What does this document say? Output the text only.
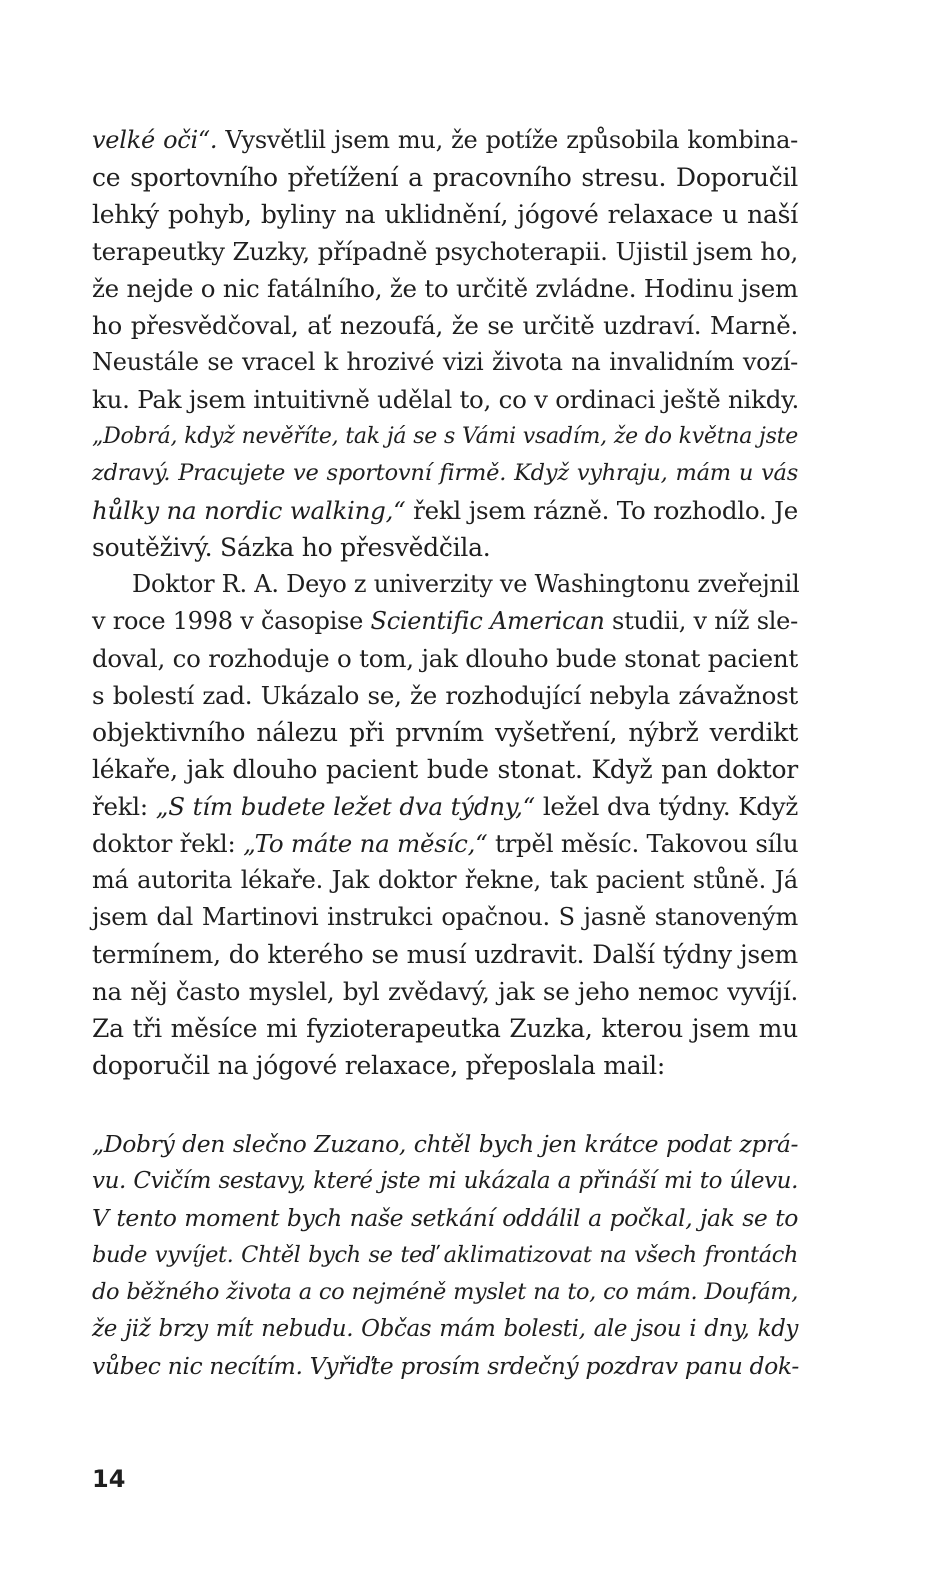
velké oči“. Vysvětlil jsem mu, že potíže způsobila kombina-
ce sportovního přetížení a pracovního stresu. Doporučil
lehký pohyb, byliny na uklidnění, jógové relaxace u naší
terapeutky Zuzky, případně psychoterapii. Ujistil jsem ho,
že nejde o nic fatálního, že to určitě zvládne. Hodinu jsem
ho přesvědčoval, ať nezoufá, že se určitě uzdraví. Marně.
Neustále se vracel k hrozivé vizi života na invalidním vozí-
ku. Pak jsem intuitivně udělal to, co v ordinaci ještě nikdy.
„Dobrá, když nevěříte, tak já se s Vámi vsadím, že do května jste
zdravý. Pracujete ve sportovní firmě. Když vyhraju, mám u vás
hůlky na nordic walking,“ řekl jsem rázně. To rozhodlo. Je
soutěživý. Sázka ho přesvědčila.
Doktor R. A. Deyo z univerzity ve Washingtonu zveřejnil
v roce 1998 v časopise Scientific American studii, v níž sle-
doval, co rozhoduje o tom, jak dlouho bude stonat pacient
s bolestí zad. Ukázalo se, že rozhodující nebyla závažnost
objektivního nálezu při prvním vyšetření, nýbrž verdikt
lékaře, jak dlouho pacient bude stonat. Když pan doktor
řekl: „S tím budete ležet dva týdny,“ ležel dva týdny. Když
doktor řekl: „To máte na měsíc,“ trpěl měsíc. Takovou sílu
má autorita lékaře. Jak doktor řekne, tak pacient stůně. Já
jsem dal Martinovi instrukci opačnou. S jasně stanoveným
termínem, do kterého se musí uzdravit. Další týdny jsem
na něj často myslel, byl zvědavý, jak se jeho nemoc vyvíjí.
Za tři měsíce mi fyzioterapeutka Zuzka, kterou jsem mu
doporučil na jógové relaxace, přeposlala mail:
„Dobrý den slečno Zuzano, chtěl bych jen krátce podat zprá-
vu. Cvičím sestavy, které jste mi ukázala a přináší mi to úlevu.
V tento moment bych naše setkání oddálil a počkal, jak se to
bude vyvíjet. Chtěl bych se teď aklimatizovat na všech frontách
do běžného života a co nejméně myslet na to, co mám. Doufám,
že již brzy mít nebudu. Občas mám bolesti, ale jsou i dny, kdy
vůbec nic necítím. Vyřiďte prosím srdečný pozdrav panu dok-
14
